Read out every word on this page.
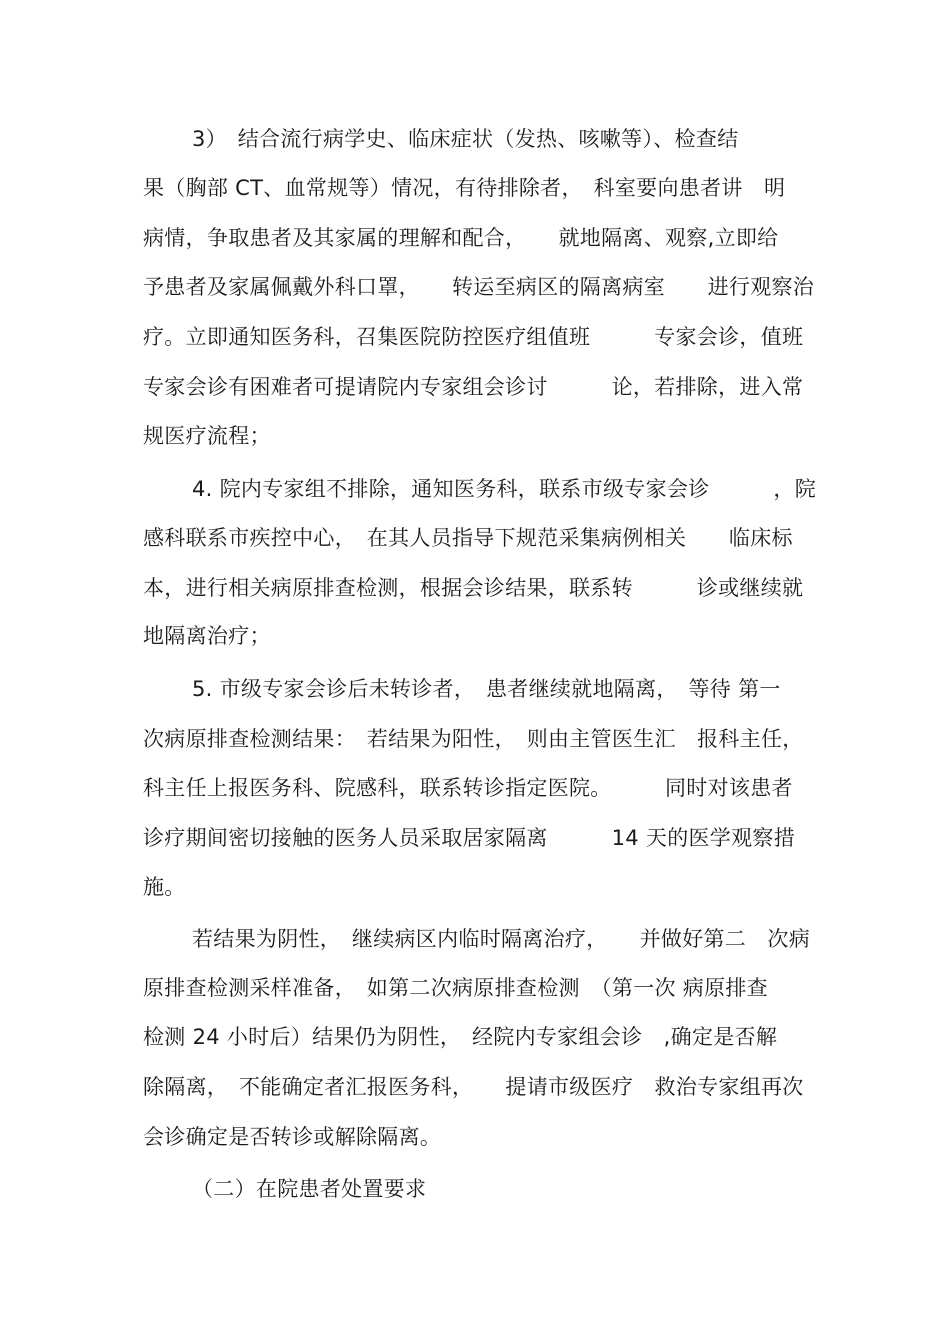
3）　结合流行病学史、临床症状（发热、咳嗽等）、检查结
果（胸部 CT、血常规等）情况，有待排除者，　科室要向患者讲　明
病情，争取患者及其家属的理解和配合，　　就地隔离、观察,立即给
予患者及家属佩戴外科口罩，　　转运至病区的隔离病室　　进行观察治
疗。立即通知医务科，召集医院防控医疗组值班　　　专家会诊，值班
专家会诊有困难者可提请院内专家组会诊讨　　　论，若排除，进入常
规医疗流程；
4. 院内专家组不排除，通知医务科，联系市级专家会诊　　　，院
感科联系市疾控中心，　在其人员指导下规范采集病例相关　　临床标
本，进行相关病原排查检测，根据会诊结果，联系转　　　诊或继续就
地隔离治疗；
5. 市级专家会诊后未转诊者，　患者继续就地隔离，　等待 第一
次病原排查检测结果：　若结果为阳性，　则由主管医生汇　报科主任，
科主任上报医务科、院感科，联系转诊指定医院。　　　同时对该患者
诊疗期间密切接触的医务人员采取居家隔离　　　14 天的医学观察措
施。
若结果为阴性，　继续病区内临时隔离治疗，　　并做好第二　次病
原排查检测采样准备，　如第二次病原排查检测　（第一次 病原排查
检测 24 小时后）结果仍为阴性，　经院内专家组会诊　,确定是否解
除隔离，　不能确定者汇报医务科，　　提请市级医疗　救治专家组再次
会诊确定是否转诊或解除隔离。
（二）在院患者处置要求
